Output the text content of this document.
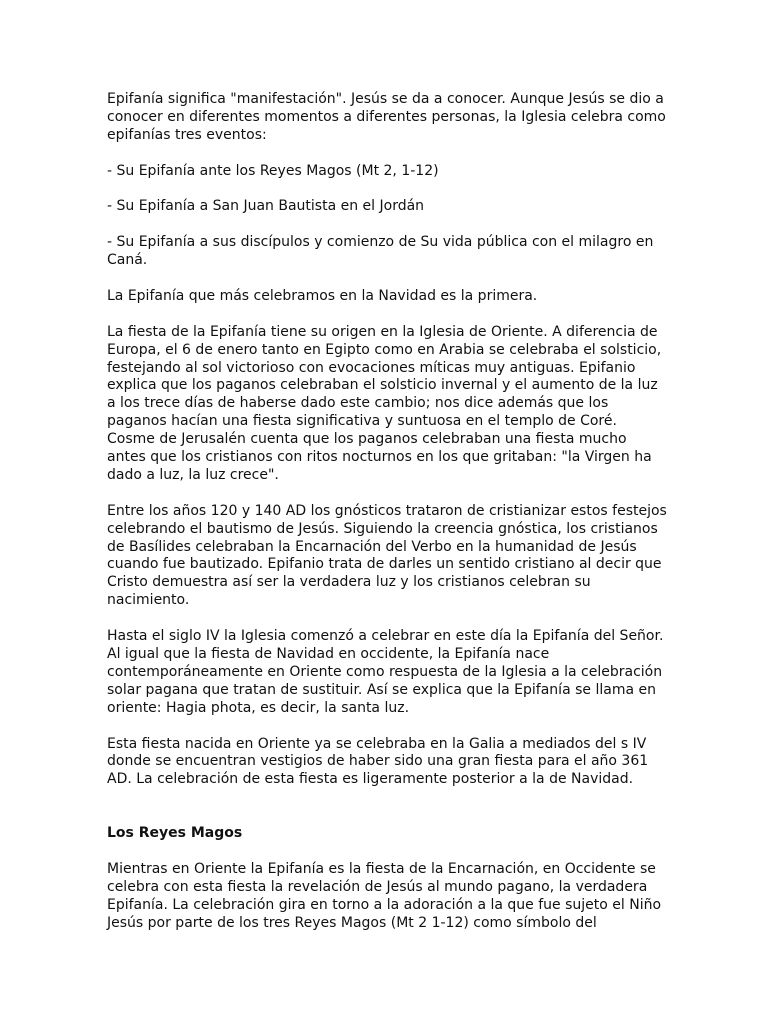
Epifanía significa "manifestación". Jesús se da a conocer. Aunque Jesús se dio a
conocer en diferentes momentos a diferentes personas, la Iglesia celebra como
epifanías tres eventos:

- Su Epifanía ante los Reyes Magos (Mt 2, 1-12)

- Su Epifanía a San Juan Bautista en el Jordán

- Su Epifanía a sus discípulos y comienzo de Su vida pública con el milagro en
Caná.

La Epifanía que más celebramos en la Navidad es la primera.

La fiesta de la Epifanía tiene su origen en la Iglesia de Oriente. A diferencia de
Europa, el 6 de enero tanto en Egipto como en Arabia se celebraba el solsticio,
festejando al sol victorioso con evocaciones míticas muy antiguas. Epifanio
explica que los paganos celebraban el solsticio invernal y el aumento de la luz
a los trece días de haberse dado este cambio; nos dice además que los
paganos hacían una fiesta significativa y suntuosa en el templo de Coré.
Cosme de Jerusalén cuenta que los paganos celebraban una fiesta mucho
antes que los cristianos con ritos nocturnos en los que gritaban: "la Virgen ha
dado a luz, la luz crece".

Entre los años 120 y 140 AD los gnósticos trataron de cristianizar estos festejos
celebrando el bautismo de Jesús. Siguiendo la creencia gnóstica, los cristianos
de Basílides celebraban la Encarnación del Verbo en la humanidad de Jesús
cuando fue bautizado. Epifanio trata de darles un sentido cristiano al decir que
Cristo demuestra así ser la verdadera luz y los cristianos celebran su
nacimiento.

Hasta el siglo IV la Iglesia comenzó a celebrar en este día la Epifanía del Señor.
Al igual que la fiesta de Navidad en occidente, la Epifanía nace
contemporáneamente en Oriente como respuesta de la Iglesia a la celebración
solar pagana que tratan de sustituir. Así se explica que la Epifanía se llama en
oriente: Hagia phota, es decir, la santa luz.

Esta fiesta nacida en Oriente ya se celebraba en la Galia a mediados del s IV
donde se encuentran vestigios de haber sido una gran fiesta para el año 361
AD. La celebración de esta fiesta es ligeramente posterior a la de Navidad.

Los Reyes Magos

Mientras en Oriente la Epifanía es la fiesta de la Encarnación, en Occidente se
celebra con esta fiesta la revelación de Jesús al mundo pagano, la verdadera
Epifanía. La celebración gira en torno a la adoración a la que fue sujeto el Niño
Jesús por parte de los tres Reyes Magos (Mt 2 1-12) como símbolo del
